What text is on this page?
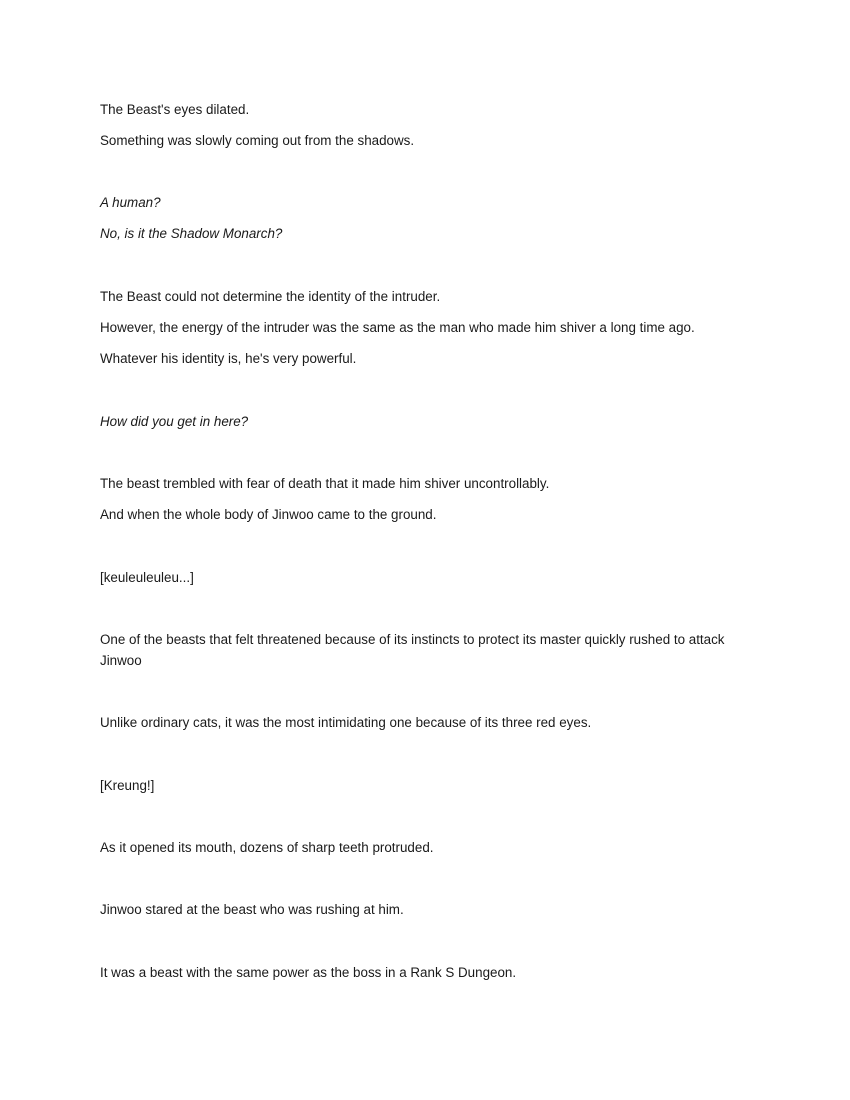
The Beast's eyes dilated.

Something was slowly coming out from the shadows.

A human?

No, is it the Shadow Monarch?

The Beast could not determine the identity of the intruder.

However, the energy of the intruder was the same as the man who made him shiver a long time ago.

Whatever his identity is, he's very powerful.

How did you get in here?

The beast trembled with fear of death that it made him shiver uncontrollably.

And when the whole body of Jinwoo came to the ground.

[keuleuleuleu...]

One of the beasts that felt threatened because of its instincts to protect its master quickly rushed to attack Jinwoo

Unlike ordinary cats, it was the most intimidating one because of its three red eyes.

[Kreung!]

As it opened its mouth, dozens of sharp teeth protruded.

Jinwoo stared at the beast who was rushing at him.

It was a beast with the same power as the boss in a Rank S Dungeon.
